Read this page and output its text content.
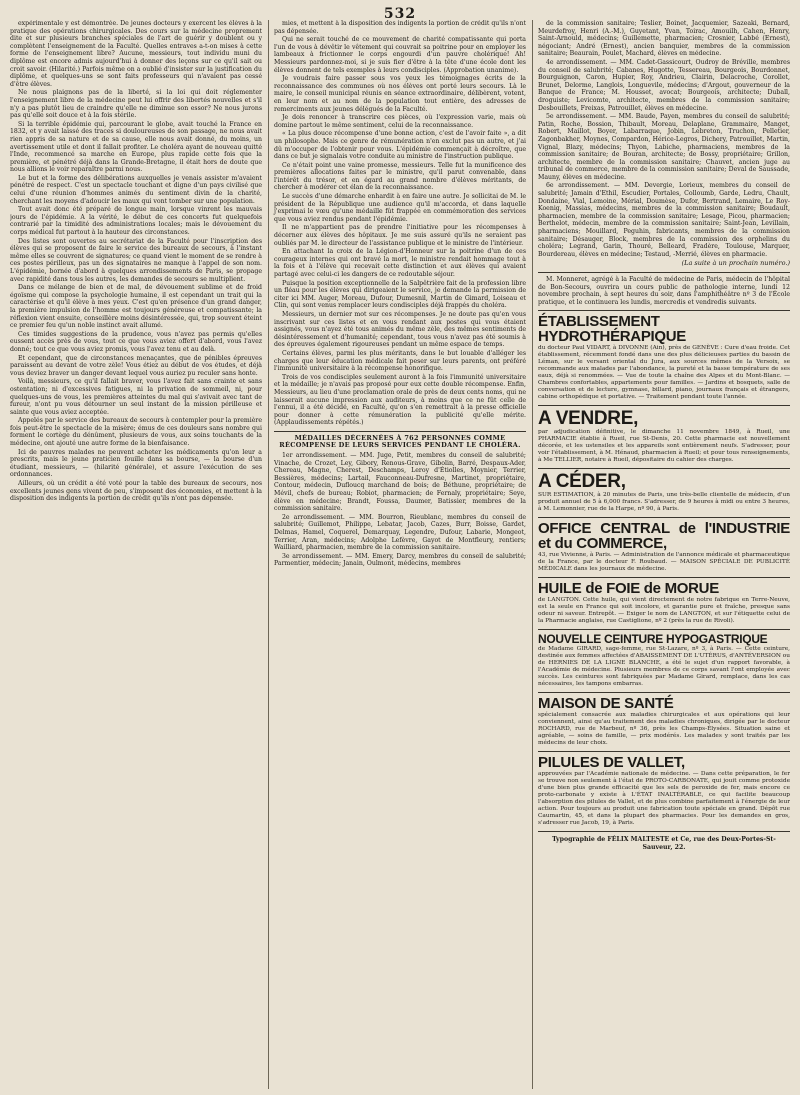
532

expérimentale y est démontrée. De jeunes docteurs y exercent les élèves à la pratique des opérations chirurgicales. Des cours sur la médecine proprement dite et sur plusieurs branches spéciales de l'art de guérir y doublent ou y complètent l'enseignement de la Faculté. Quelles entraves a-t-on mises à cette forme de l'enseignement libre? Aucune, messieurs, tout individu muni du diplôme est encore admis aujourd'hui à donner des leçons sur ce qu'il sait ou croit savoir. (Hilarité.) Parfois même on a oublié d'insister sur la justification du diplôme, et quelques-uns se sont faits professeurs qui n'avaient pas cessé d'être élèves.

Ne nous plaignons pas de la liberté, si la loi qui doit réglementer l'enseignement libre de la médecine peut lui offrir des libertés nouvelles et s'il n'y a pas plutôt lieu de craindre qu'elle ne diminue son essor? Ne nous jurons pas qu'elle soit douce et à la fois stérile.

Si la terrible épidémie qui, parcourant le globe, avait touché la France en 1832, et y avait laissé des traces si douloureuses de son passage, ne nous avait rien appris de sa nature et de sa cause, elle nous avait donné, du moins, un avertissement utile et dont il fallait profiter. Le choléra ayant de nouveau quitté l'Inde, recommencé sa marche en Europe, plus rapide cette fois que la première, et pénétré déjà dans la Grande-Bretagne, il était hors de doute que nous allions le voir reparaître parmi nous.

Le but et la forme des délibérations auxquelles je venais assister m'avaient pénétré de respect. C'est un spectacle touchant et digne d'un pays civilisé que celui d'une réunion d'hommes animés du sentiment divin de la charité, cherchant les moyens d'adoucir les maux qui vont tomber sur une population.

Tout avait donc été préparé de longue main, lorsque vinrent les mauvais jours de l'épidémie. A la vérité, le début de ces concerts fut quelquefois contrarié par la timidité des administrations locales; mais le dévouement du corps médical fut partout à la hauteur des circonstances.

Des listes sont ouvertes au secrétariat de la Faculté pour l'inscription des élèves qui se proposent de faire le service des bureaux de secours, à l'instant même elles se couvrent de signatures; ce quand vient le moment de se rendre à ces postes périlleux, pas un des signataires ne manque à l'appel de son nom. L'épidémie, bornée d'abord à quelques arrondissements de Paris, se propage avec rapidité dans tous les autres, les demandes de secours se multiplient.

Dans ce mélange de bien et de mal, de dévouement sublime et de froid égoïsme qui compose la psychologie humaine, il est cependant un trait qui la caractérise et qu'il élève à mes yeux. C'est qu'en présence d'un grand danger, la première impulsion de l'homme est toujours généreuse et compatissante; la réflexion vient ensuite, conseillère moins désintéressée, qui, trop souvent éteint ce premier feu qu'un noble instinct avait allumé.

Ces timides suggestions de la prudence, vous n'avez pas permis qu'elles eussent accès près de vous, tout ce que vous aviez offert d'abord, vous l'avez donné; tout ce que vous aviez promis, vous l'avez tenu et au delà.

Et cependant, que de circonstances menaçantes, que de pénibles épreuves paraissent au devant de votre zèle! Vous étiez au début de vos études, et déjà vous deviez braver un danger devant lequel vous auriez pu reculer sans honte.

Voilà, messieurs, ce qu'il fallait braver, vous l'avez fait sans crainte et sans ostentation; ni d'excessives fatigues, ni la privation de sommeil, ni, pour quelques-uns de vous, les premières atteintes du mal qui s'avivait avec tant de fureur, n'ont pu vous détourner un seul instant de la mission périlleuse et sainte que vous aviez acceptée.

Appelés par le service des bureaux de secours à contempler pour la première fois peut-être le spectacle de la misère; émus de ces douleurs sans nombre qui forment le cortège du dénûment, plusieurs de vous, aux soins touchants de la médecine, ont ajouté une autre forme de la bienfaisance.

Ici de pauvres malades ne peuvent acheter les médicaments qu'on leur a prescrits, mais le jeune praticien fouille dans sa bourse, — la bourse d'un étudiant, messieurs, — (hilarité générale), et assure l'exécution de ses ordonnances.

Ailleurs, où un crédit a été voté pour la table des bureaux de secours, nos excellents jeunes gens vivent de peu, s'imposent des économies, et mettent à la disposition des indigents la portion de crédit qu'ils n'ont pas dépensée.

mies, et mettent à la disposition des indigents la portion de crédit qu'ils n'ont pas dépensée.

Qui ne serait touché de ce mouvement de charité compatissante qui porta l'un de vous à dévêtir le vêtement qui couvrait sa poitrine pour en employer les lambeaux à frictionner le corps engourdi d'un pauvre cholérique! Ah! Messieurs pardonnez-moi, si je suis fier d'être à la tête d'une école dont les élèves donnent de tels exemples à leurs condisciples. (Approbation unanime).

Je voudrais faire passer sous vos yeux les témoignages écrits de la reconnaissance des communes où nos élèves ont porté leurs secours. Là le maire, le conseil municipal réunis en séance extraordinaire, délibèrent, votent, en leur nom et au nom de la population tout entière, des adresses de remerciments aux jeunes délégués de la Faculté.

Je dois renoncer à transcrire ces pièces, où l'expression varie, mais où domine partout le même sentiment, celui de la reconnaissance.

« La plus douce récompense d'une bonne action, c'est de l'avoir faite », a dit un philosophe. Mais ce genre de rémunération n'en exclut pas un autre, et j'ai dû m'occuper de l'obtenir pour vous. L'épidémie commençait à décroître, que dans ce but je signalais votre conduite au ministre de l'instruction publique.

Ce n'était point une vaine promesse, messieurs. Telle fut la munificence des premières allocations faites par le ministre, qu'il parut convenable, dans l'intérêt du trésor, et en égard au grand nombre d'élèves méritants, de chercher à modérer cet élan de la reconnaissance.

Le succès d'une démarche enhardit à en faire une autre. Je sollicitai de M. le président de la République une audience qu'il m'accorda, et dans laquelle j'exprimai le vœu qu'une médaille fût frappée en commémoration des services que vous aviez rendus pendant l'épidémie.

Il ne m'appartient pas de prendre l'initiative pour les récompenses à décerner aux élèves des hôpitaux. Je me suis assuré qu'ils ne seraient pas oubliés par M. le directeur de l'assistance publique et le ministre de l'intérieur.

En attachant la croix de la Légion-d'Honneur sur la poitrine d'un de ces courageux internes qui ont bravé la mort, le ministre rendait hommage tout à la fois et à l'élève qui recevait cette distinction et aux élèves qui avaient partagé avec celui-ci les dangers de ce redoutable séjour.

Puisque la position exceptionnelle de la Salpêtrière fait de la profession libre un fléau pour les élèves qui dirigeaient le service, je demande la permission de citer ici MM. Auger, Moreau, Dufour, Dumesnil, Martin de Gimard, Loiseau et Clin, qui sont venus remplacer leurs condisciples déjà frappés du choléra.

Messieurs, un dernier mot sur ces récompenses. Je ne doute pas qu'en vous inscrivant sur ces listes et en vous rendant aux postes qui vous étaient assignés, vous n'ayez été tous animés du même zèle, des mêmes sentiments de désintéressement et d'humanité; cependant, tous vous n'avez pas été soumis à des épreuves également rigoureuses pendant un même espace de temps.

Certains élèves, parmi les plus méritants, dans le but louable d'alléger les charges que leur éducation médicale fait peser sur leurs parents, ont préféré l'immunité universitaire à la récompense honorifique.

Trois de vos condisciples seulement auront à la fois l'immunité universitaire et la médaille; je n'avais pas proposé pour eux cette double récompense. Enfin, Messieurs, au lieu d'une proclamation orale de près de deux cents noms, qui ne laisserait aucune impression aux auditeurs, à moins que ce ne fût celle de l'ennui, il a été décidé, en Faculté, qu'on s'en remettrait à la presse officielle pour donner à cette rémunération la publicité qu'elle mérite. (Applaudissements répétés.)

MÉDAILLES DÉCERNÉES À 762 PERSONNES COMME RÉCOMPENSE DE LEURS SERVICES PENDANT LE CHOLÉRA.

1er arrondissement. — MM. Juge, Petit, membres du conseil de salubrité; Vinache, de Crozet, Ley, Gibory, Renous-Grave, Gibolin, Barré, Despaux-Ader, Chereau, Magne, Cherest, Deschamps, Leroy d'Étiolles, Moynier, Terrier, Bessières, médecins; Lartail, Fauconneau-Dufresne, Martinet, propriétaire, Contour, médecin, Dufloucq marchand de bois; de Béthune, propriétaire; de Mévil, chefs de bureau; Robiot, pharmacien; de Fernaly, propriétaire; Seye, élève en médecine; Brandt, Foussa, Daumer, Batissier, membres de la commission sanitaire.

2e arrondissement. — MM. Bourron, Rieublanc, membres du conseil de salubrité; Guillemot, Philippe, Lebatar, Jacob, Cazes, Burr, Boisse, Gardet, Delmas, Hamel, Coquerel, Demarquay, Legendre, Dufour, Labarie, Mongeot, Terrier, Aran, médecins; Adolphe Lefèvre, Gayot de Montfleury, rentiers; Wailliard, pharmacien, membre de la commission sanitaire.

3e arrondissement. — MM. Emery, Darcy, membres du conseil de salubrité; Parmentier, médecin; Janain, Oulmont, médecins, membres

de la commission sanitaire; Teslier, Boinet, Jacquemier, Sazeaki, Bernard, Meurdefroy, Henri (A.-M.), Guyetant, Yvan, Toirac, Amouilh, Cahen, Henry, Saint-Arnould, médecins; Guillemette, pharmacien; Crosnier, Labbé (Ernest), négociant; André (Ernest), ancien banquier, membres de la commission sanitaire; Beaurain, Poulet, Machard, élèves en médecine.

4e arrondissement. — MM. Cadet-Gassicourt, Oudroy de Bréville, membres du conseil de salubrité; Cabanes, Hugotte, Tessereau, Bourgeois, Bourdonnet, Bourguignon, Caron, Hupier, Roy, Andrieu, Clairin, Delacroche, Corollet, Brunet, Delorme, Langlois, Longuevile, médecins; d'Argout, gouverneur de la Banque de France; M. Housset, avocat; Bourgeois, architecte; Duball, droguiste; Levicomte, architecte, membres de la commission sanitaire; Desbouillets, Freixas, Patrouillet, élèves en médecine.

5e arrondissement. — MM. Baude, Payen, membres du conseil de salubrité; Patin, Roche, Bossion, Thibault, Moreau, Delaplane, Grammaire, Manget, Robert, Maillot, Boyer, Labarraque, Jobin, Lebreton, Truchon, Pelletier, Zagonbakher, Moynes, Compardon, Hérice-Legros, Dichery, Patrouillet, Martin, Vignal, Blazy, médecins; Thyon, Labiche, pharmaciens, membres de la commission sanitaire; de Bouran, architecte; de Bossy, propriétaire; Grillon, architecte, membre de la commission sanitaire; Chauvet, ancien juge au tribunal de commerce, membre de la commission sanitaire; Deval de Saussade, Mauny, élèves en médecine.

6e arrondissement. — MM. Devergie, Lorieux, membres du conseil de salubrité; Jamain d'Ethil, Escudier, Portales, Colloumb, Garde, Ledru, Chault, Dondaine, Vial, Lemoine, Mérial, Doumèse, Dufor, Bertrand, Lemaire, Le Roy-Koenig, Massias, médecins, membres de la commission sanitaire; Boudault, pharmacien, membre de la commission sanitaire; Lesage, Picou, pharmacien; Berthelot, médecin, membre de la commission sanitaire; Saint-Jean, Levillain, pharmaciens; Mouillard, Peguhin, fabricants, membres de la commission sanitaire; Désauger, Block, membres de la commission des orphelins du choléra; Legrand, Garin, Thouré, Belleard, Fradère, Toulouse, Marquer, Bourdereau, élèves en médecine; Testaud, -Merrié, élèves en pharmacie.

(La suite à un prochain numéro.)

M. Monneret, agrégé à la Faculté de médecine de Paris, médecin de l'hôpital de Bon-Secours, ouvrira un cours public de pathologie interne, lundi 12 novembre prochain, à sept heures du soir, dans l'amphithéâtre nº 3 de l'École pratique, et le continuera les lundis, mercredis et vendredis suivants.

ÉTABLISSEMENT HYDROTHÉRAPIQUE
du docteur Paul VIDART, à DIVONNE (Ain), près de GENÈVE : Cure d'eau froide. Cet établissement, récemment fondé dans une des plus délicieuses parties du bassin de Léman, sur le versant oriental du Jura, aux sources mêmes de la Versoix, se recommande aux malades par l'abondance, la pureté et la basse température de ses eaux, déjà si renommées. — Vue de toute la chaîne des Alpes et du Mont-Blanc. — Chambres confortables, appartements pour familles. — Jardins et bosquets, salle de conversation et de lecture, gymnase, billard, piano, journaux français et étrangers, cabine orthopédique et portative. — Traitement pendant toute l'année.
A VENDRE,
par adjudication définitive, le dimanche 11 novembre 1849, à Rueil, une PHARMACIE établie à Rueil, rue St-Denis, 20. Cette pharmacie est nouvellement décorée, et les ustensiles et les appareils sont entièrement neufs. S'adresser, pour voir l'établissement, à M. Hénaud, pharmacien à Rueil; et pour tous renseignements, à Me TELLIER, notaire à Rueil, dépositaire du cahier des charges.
A CÉDER,
SUR ESTIMATION, à 20 minutes de Paris, une très-belle clientelle de médecin, d'un produit annuel de 5 à 6,000 francs. S'adresser, de 9 heures à midi ou entre 3 heures, à M. Lemonnier, rue de la Harpe, nº 90, à Paris.
OFFICE CENTRAL de l'INDUSTRIE et du COMMERCE,
43, rue Vivienne, à Paris. — Administration de l'annonce médicale et pharmaceutique de la France, par le docteur F. Roubaud. — MAISON SPÉCIALE DE PUBLICITÉ MÉDICALE dans les journaux de médecine.
HUILE de FOIE de MORUE
de LANGTON. Cette huile, qui vient directement de notre fabrique en Terre-Neuve, est la seule en France qui soit incolore, et garantie pure et fraîche, presque sans odeur ni saveur. Entrepôt. — Exiger le nom de LANGTON, et sur l'étiquette celui de la Pharmacie anglaise, rue Castiglione, nº 2 (près la rue de Rivoli).
NOUVELLE CEINTURE HYPOGASTRIQUE
de Madame GIRARD, sage-femme, rue St-Lazare, nº 3, à Paris. — Cette ceinture, destinée aux femmes affectées d'ABAISSEMENT DE L'UTÉRUS, d'ANTÉVERSION ou de HERNIES DE LA LIGNE BLANCHE, a été le sujet d'un rapport favorable, à l'Académie de médecine. Plusieurs membres de ce corps savant l'ont employée avec succès. Les ceintures sont fabriquées par Madame Girard, remplace, dans les cas nécessaires, les tampons embarras.
MAISON DE SANTÉ
spécialement consacrée aux maladies chirurgicales et aux opérations qui leur conviennent, ainsi qu'au traitement des maladies chroniques, dirigée par le docteur ROCHARD, rue de Marbeuf, nº 36, près les Champs-Élysées. Situation saine et agréable, — soins de famille, — prix modérés. Les malades y sont traités par les médecins de leur choix.
PILULES DE VALLET,
approuvées par l'Académie nationale de médecine. — Dans cette préparation, le fer se trouve non seulement à l'état de PROTO-CARBONATE, qui jouit comme protoxide d'une bien plus grande efficacité que les sels de peroxide de fer, mais encore ce proto-carbonate y existe à L'ÉTAT INALTÉRABLE, ce qui facilite beaucoup l'absorption des pilules de Vallet, et de plus combine parfaitement à l'énergie de leur action. Pour toujours au produit une fabrication toute spéciale en grand. Dépôt rue Caumartin, 45, et dans la plupart des pharmacies. Pour les demandes en gros, s'adresser rue Jacob, 19, à Paris.
Typographie de FÉLIX MALTESTE et Ce, rue des Deux-Portes-St-Sauveur, 22.
